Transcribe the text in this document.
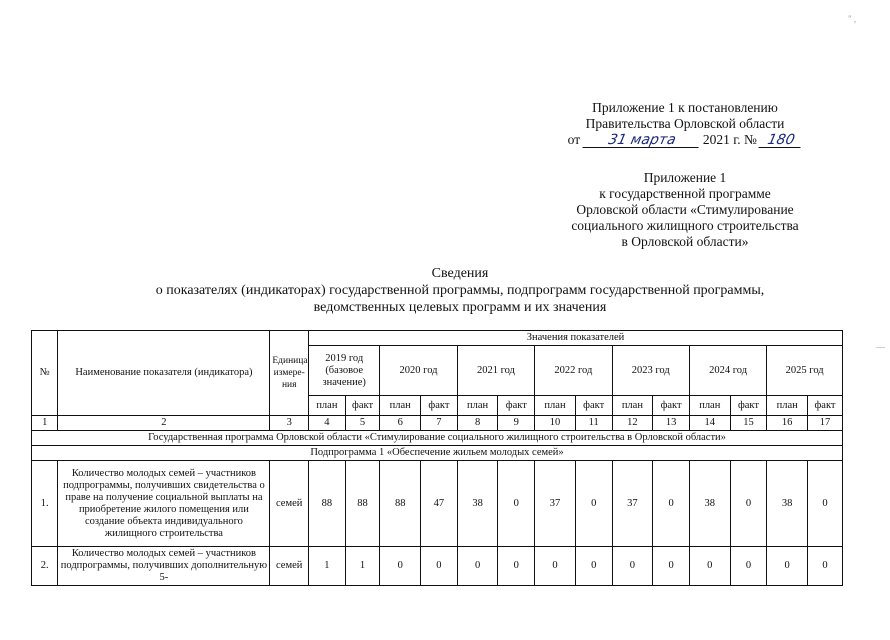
" ,
Приложение 1 к постановлению
Правительства Орловской области
от 31 марта 2021 г. № 180
Приложение 1
к государственной программе
Орловской области «Стимулирование
социального жилищного строительства
в Орловской области»
Сведения
о показателях (индикаторах) государственной программы, подпрограмм государственной программы,
ведомственных целевых программ и их значения
№	Наименование показателя (индикатора)	Единица измере-ния	Значения показателей													
			2019 год (базовое значение)		2020 год		2021 год		2022 год		2023 год		2024 год		2025 год	
			план	факт	план	факт	план	факт	план	факт	план	факт	план	факт	план	факт
1	2	3	4	5	6	7	8	9	10	11	12	13	14	15	16	17
Государственная программа Орловской области «Стимулирование социального жилищного строительства в Орловской области»																
Подпрограмма 1 «Обеспечение жильем молодых семей»																
1.	Количество молодых семей – участников подпрограммы, получивших свидетельства о праве на получение социальной выплаты на приобретение жилого помещения или создание объекта индивидуального жилищного строительства	семей	88	88	88	47	38	0	37	0	37	0	38	0	38	0
2.	Количество молодых семей – участников подпрограммы, получивших дополнительную 5-	семей	1	1	0	0	0	0	0	0	0	0	0	0	0	0
—
